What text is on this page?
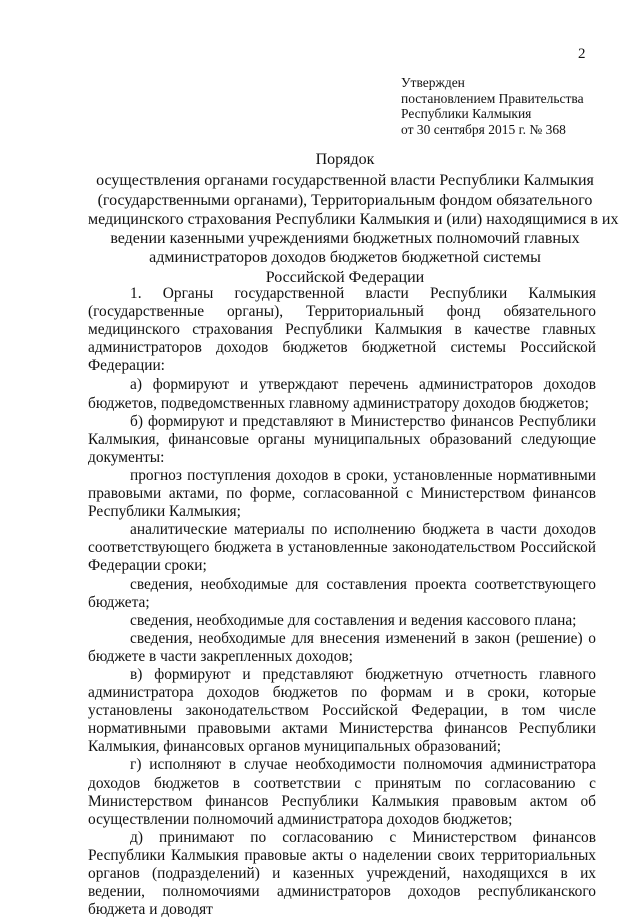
2
Утвержден
постановлением Правительства
Республики Калмыкия
от 30 сентября 2015 г. № 368
Порядок
осуществления органами государственной власти Республики Калмыкия
(государственными органами), Территориальным фондом обязательного
медицинского страхования Республики Калмыкия и (или) находящимися в их
ведении казенными учреждениями бюджетных полномочий главных
администраторов доходов бюджетов бюджетной системы
Российской Федерации

1. Органы государственной власти Республики Калмыкия (государственные органы), Территориальный фонд обязательного медицинского страхования Республики Калмыкия в качестве главных администраторов доходов бюджетов бюджетной системы Российской Федерации:

а) формируют и утверждают перечень администраторов доходов бюджетов, подведомственных главному администратору доходов бюджетов;

б) формируют и представляют в Министерство финансов Республики Калмыкия, финансовые органы муниципальных образований следующие документы:

прогноз поступления доходов в сроки, установленные нормативными правовыми актами, по форме, согласованной с Министерством финансов Республики Калмыкия;

аналитические материалы по исполнению бюджета в части доходов соответствующего бюджета в установленные законодательством Российской Федерации сроки;

сведения, необходимые для составления проекта соответствующего бюджета;

сведения, необходимые для составления и ведения кассового плана;

сведения, необходимые для внесения изменений в закон (решение) о бюджете в части закрепленных доходов;

в) формируют и представляют бюджетную отчетность главного администратора доходов бюджетов по формам и в сроки, которые установлены законодательством Российской Федерации, в том числе нормативными правовыми актами Министерства финансов Республики Калмыкия, финансовых органов муниципальных образований;

г) исполняют в случае необходимости полномочия администратора доходов бюджетов в соответствии с принятым по согласованию с Министерством финансов Республики Калмыкия правовым актом об осуществлении полномочий администратора доходов бюджетов;

д) принимают по согласованию с Министерством финансов Республики Калмыкия правовые акты о наделении своих территориальных органов (подразделений) и казенных учреждений, находящихся в их ведении, полномочиями администраторов доходов республиканского бюджета и доводят
